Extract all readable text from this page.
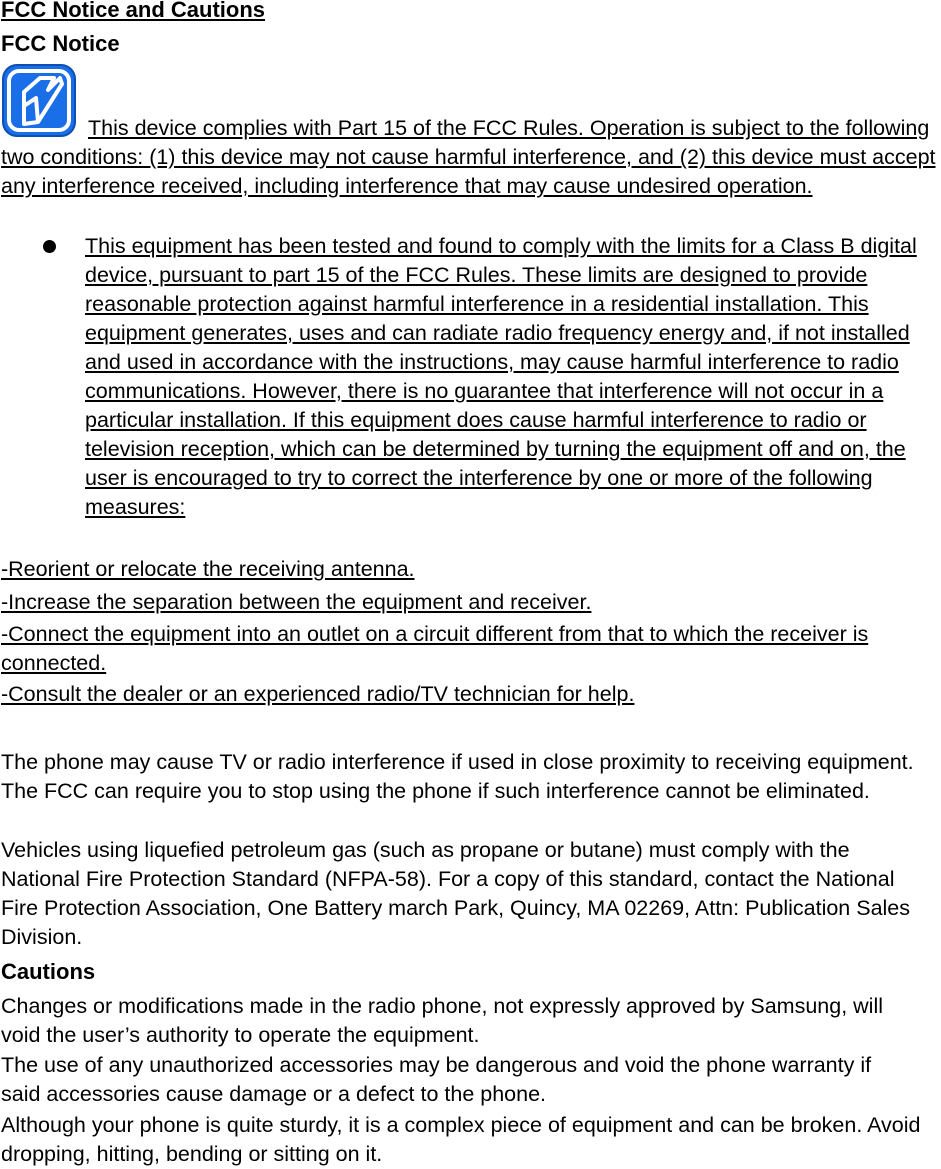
FCC Notice and Cautions
FCC Notice

This device complies with Part 15 of the FCC Rules. Operation is subject to the following two conditions: (1) this device may not cause harmful interference, and (2) this device must accept any interference received, including interference that may cause undesired operation.

This equipment has been tested and found to comply with the limits for a Class B digital device, pursuant to part 15 of the FCC Rules. These limits are designed to provide reasonable protection against harmful interference in a residential installation. This equipment generates, uses and can radiate radio frequency energy and, if not installed and used in accordance with the instructions, may cause harmful interference to radio communications. However, there is no guarantee that interference will not occur in a particular installation. If this equipment does cause harmful interference to radio or television reception, which can be determined by turning the equipment off and on, the user is encouraged to try to correct the interference by one or more of the following measures:

-Reorient or relocate the receiving antenna.

-Increase the separation between the equipment and receiver.

-Connect the equipment into an outlet on a circuit different from that to which the receiver is connected.

-Consult the dealer or an experienced radio/TV technician for help.

The phone may cause TV or radio interference if used in close proximity to receiving equipment. The FCC can require you to stop using the phone if such interference cannot be eliminated.

Vehicles using liquefied petroleum gas (such as propane or butane) must comply with the National Fire Protection Standard (NFPA-58). For a copy of this standard, contact the National Fire Protection Association, One Battery march Park, Quincy, MA 02269, Attn: Publication Sales Division.

Cautions

Changes or modifications made in the radio phone, not expressly approved by Samsung, will void the user’s authority to operate the equipment.

The use of any unauthorized accessories may be dangerous and void the phone warranty if said accessories cause damage or a defect to the phone.

Although your phone is quite sturdy, it is a complex piece of equipment and can be broken. Avoid dropping, hitting, bending or sitting on it.
